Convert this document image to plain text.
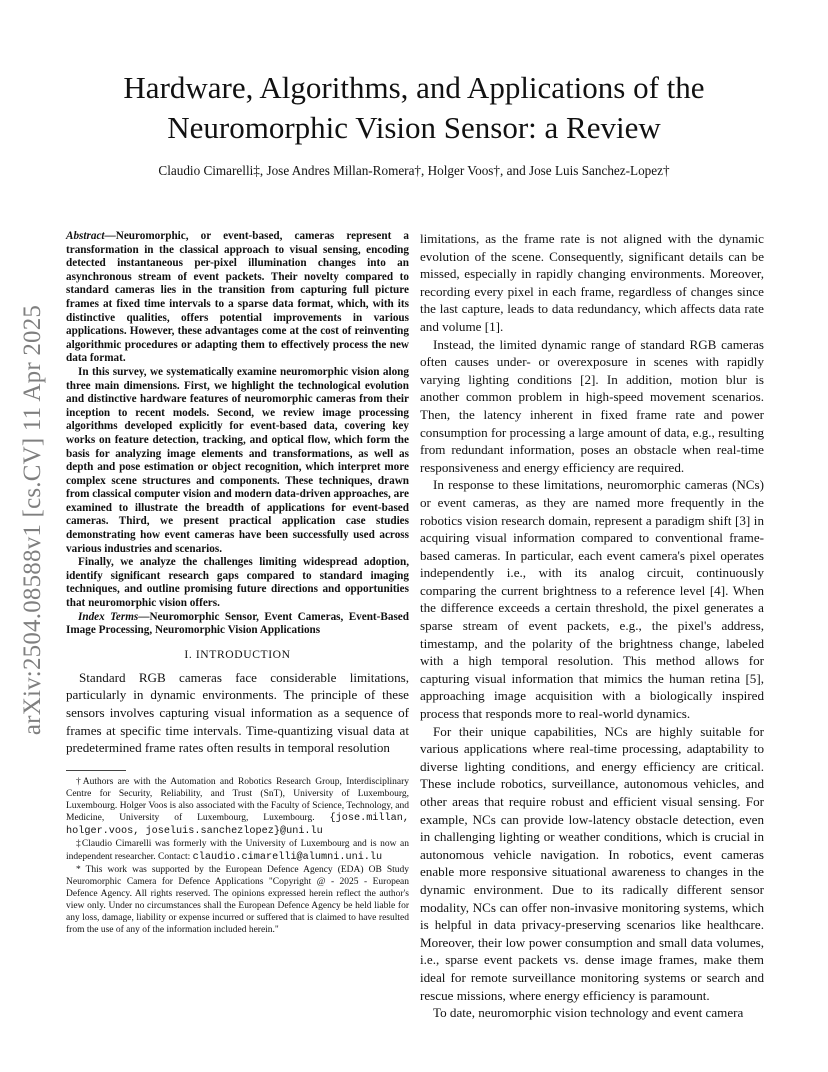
arXiv:2504.08588v1 [cs.CV] 11 Apr 2025
Hardware, Algorithms, and Applications of the
Neuromorphic Vision Sensor: a Review

Claudio Cimarelli‡, Jose Andres Millan-Romera†, Holger Voos†, and Jose Luis Sanchez-Lopez†

Abstract—Neuromorphic, or event-based, cameras represent a transformation in the classical approach to visual sensing, encoding detected instantaneous per-pixel illumination changes into an asynchronous stream of event packets. Their novelty compared to standard cameras lies in the transition from capturing full picture frames at fixed time intervals to a sparse data format, which, with its distinctive qualities, offers potential improvements in various applications. However, these advantages come at the cost of reinventing algorithmic procedures or adapting them to effectively process the new data format.

In this survey, we systematically examine neuromorphic vision along three main dimensions. First, we highlight the technological evolution and distinctive hardware features of neuromorphic cameras from their inception to recent models. Second, we review image processing algorithms developed explicitly for event-based data, covering key works on feature detection, tracking, and optical flow, which form the basis for analyzing image elements and transformations, as well as depth and pose estimation or object recognition, which interpret more complex scene structures and components. These techniques, drawn from classical computer vision and modern data-driven approaches, are examined to illustrate the breadth of applications for event-based cameras. Third, we present practical application case studies demonstrating how event cameras have been successfully used across various industries and scenarios.

Finally, we analyze the challenges limiting widespread adoption, identify significant research gaps compared to standard imaging techniques, and outline promising future directions and opportunities that neuromorphic vision offers.

Index Terms—Neuromorphic Sensor, Event Cameras, Event-Based Image Processing, Neuromorphic Vision Applications

I. INTRODUCTION

Standard RGB cameras face considerable limitations, particularly in dynamic environments. The principle of these sensors involves capturing visual information as a sequence of frames at specific time intervals. Time-quantizing visual data at predetermined frame rates often results in temporal resolution

†Authors are with the Automation and Robotics Research Group, Interdisciplinary Centre for Security, Reliability, and Trust (SnT), University of Luxembourg, Luxembourg. Holger Voos is also associated with the Faculty of Science, Technology, and Medicine, University of Luxembourg, Luxembourg. {jose.millan, holger.voos, joseluis.sanchezlopez}@uni.lu

‡Claudio Cimarelli was formerly with the University of Luxembourg and is now an independent researcher. Contact: claudio.cimarelli@alumni.uni.lu

* This work was supported by the European Defence Agency (EDA) OB Study Neuromorphic Camera for Defence Applications "Copyright @ - 2025 - European Defence Agency. All rights reserved. The opinions expressed herein reflect the author's view only. Under no circumstances shall the European Defence Agency be held liable for any loss, damage, liability or expense incurred or suffered that is claimed to have resulted from the use of any of the information included herein."

limitations, as the frame rate is not aligned with the dynamic evolution of the scene. Consequently, significant details can be missed, especially in rapidly changing environments. Moreover, recording every pixel in each frame, regardless of changes since the last capture, leads to data redundancy, which affects data rate and volume [1].

Instead, the limited dynamic range of standard RGB cameras often causes under- or overexposure in scenes with rapidly varying lighting conditions [2]. In addition, motion blur is another common problem in high-speed movement scenarios. Then, the latency inherent in fixed frame rate and power consumption for processing a large amount of data, e.g., resulting from redundant information, poses an obstacle when real-time responsiveness and energy efficiency are required.

In response to these limitations, neuromorphic cameras (NCs) or event cameras, as they are named more frequently in the robotics vision research domain, represent a paradigm shift [3] in acquiring visual information compared to conventional frame-based cameras. In particular, each event camera's pixel operates independently i.e., with its analog circuit, continuously comparing the current brightness to a reference level [4]. When the difference exceeds a certain threshold, the pixel generates a sparse stream of event packets, e.g., the pixel's address, timestamp, and the polarity of the brightness change, labeled with a high temporal resolution. This method allows for capturing visual information that mimics the human retina [5], approaching image acquisition with a biologically inspired process that responds more to real-world dynamics.

For their unique capabilities, NCs are highly suitable for various applications where real-time processing, adaptability to diverse lighting conditions, and energy efficiency are critical. These include robotics, surveillance, autonomous vehicles, and other areas that require robust and efficient visual sensing. For example, NCs can provide low-latency obstacle detection, even in challenging lighting or weather conditions, which is crucial in autonomous vehicle navigation. In robotics, event cameras enable more responsive situational awareness to changes in the dynamic environment. Due to its radically different sensor modality, NCs can offer non-invasive monitoring systems, which is helpful in data privacy-preserving scenarios like healthcare. Moreover, their low power consumption and small data volumes, i.e., sparse event packets vs. dense image frames, make them ideal for remote surveillance monitoring systems or search and rescue missions, where energy efficiency is paramount.

To date, neuromorphic vision technology and event camera
